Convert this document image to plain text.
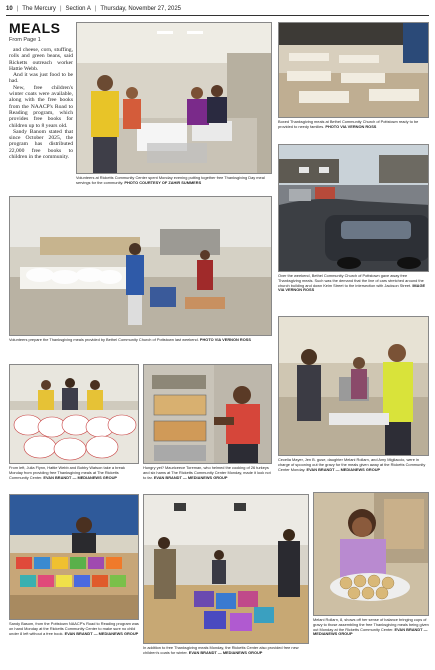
10 | The Mercury | Section A | Thursday, November 27, 2025
MEALS
From Page 1

and cheese, corn, stuffing, rolls and green beans, said Ricketts outreach worker Hattie Webb.

And it was just food to be had.

New, free children's winter coats were available, along with the free books from the NAACP's Road to Reading program, which provides free books for children up to 8 years old.

Sandy Banom stated that since October 2025, the program has distributed 22,000 free books to children in the community.

Volunteers at Ricketts Community Center spent Monday evening putting together free Thanksgiving Day meal servings for the community. PHOTO COURTESY OF ZAHIR SUMMERS
Boxed Thanksgiving meals at Bethel Community Church of Pottstown ready to be provided to needy families. PHOTO VIA VERNON ROSS
Over the weekend, Bethel Community Church of Pottstown gave away free Thanksgiving meals. Such was the demand that the line of cars stretched around the church building and down Keim Street to the intersection with Jackson Street. IMAGE VIA VERNON ROSS
Volunteers prepare the Thanksgiving meals provided by Bethel Community Church of Pottstown last weekend. PHOTO VIA VERNON ROSS
Cecelia Mayer, Jen B. guse, daughter Melani Rollarn, and Amy Migliaccio, were in charge of spooning out the gravy for the meals given away at the Ricketts Community Center Monday. EVAN BRANDT — MEDIANEWS GROUP
From left, Julia Flynn, Hattie Webb and Bobby Watson take a break Monday from providing free Thanksgiving meals at The Ricketts Community Center. EVAN BRANDT — MEDIANEWS GROUP
Hungry yet? Mauriceece Toreman, who helmed the cooking of 26 turkeys and six hams at The Ricketts Community Center Monday, made it look not to far. EVAN BRANDT — MEDIANEWS GROUP
Sandy Basom, from the Pottstown NAACP's Road to Reading program was on hand Monday at the Ricketts Community Center to make sure no child under 8 left without a free book. EVAN BRANDT — MEDIANEWS GROUP
In addition to free Thanksgiving meals Monday, the Ricketts Center also provided free new children's coats for winter. EVAN BRANDT — MEDIANEWS GROUP
Melani Rollarn, 8, shows off her sense of balance bringing cups of gravy to those assembling the free Thanksgiving meals being given out Monday at the Ricketts Community Center. EVAN BRANDT — MEDIANEWS GROUP
